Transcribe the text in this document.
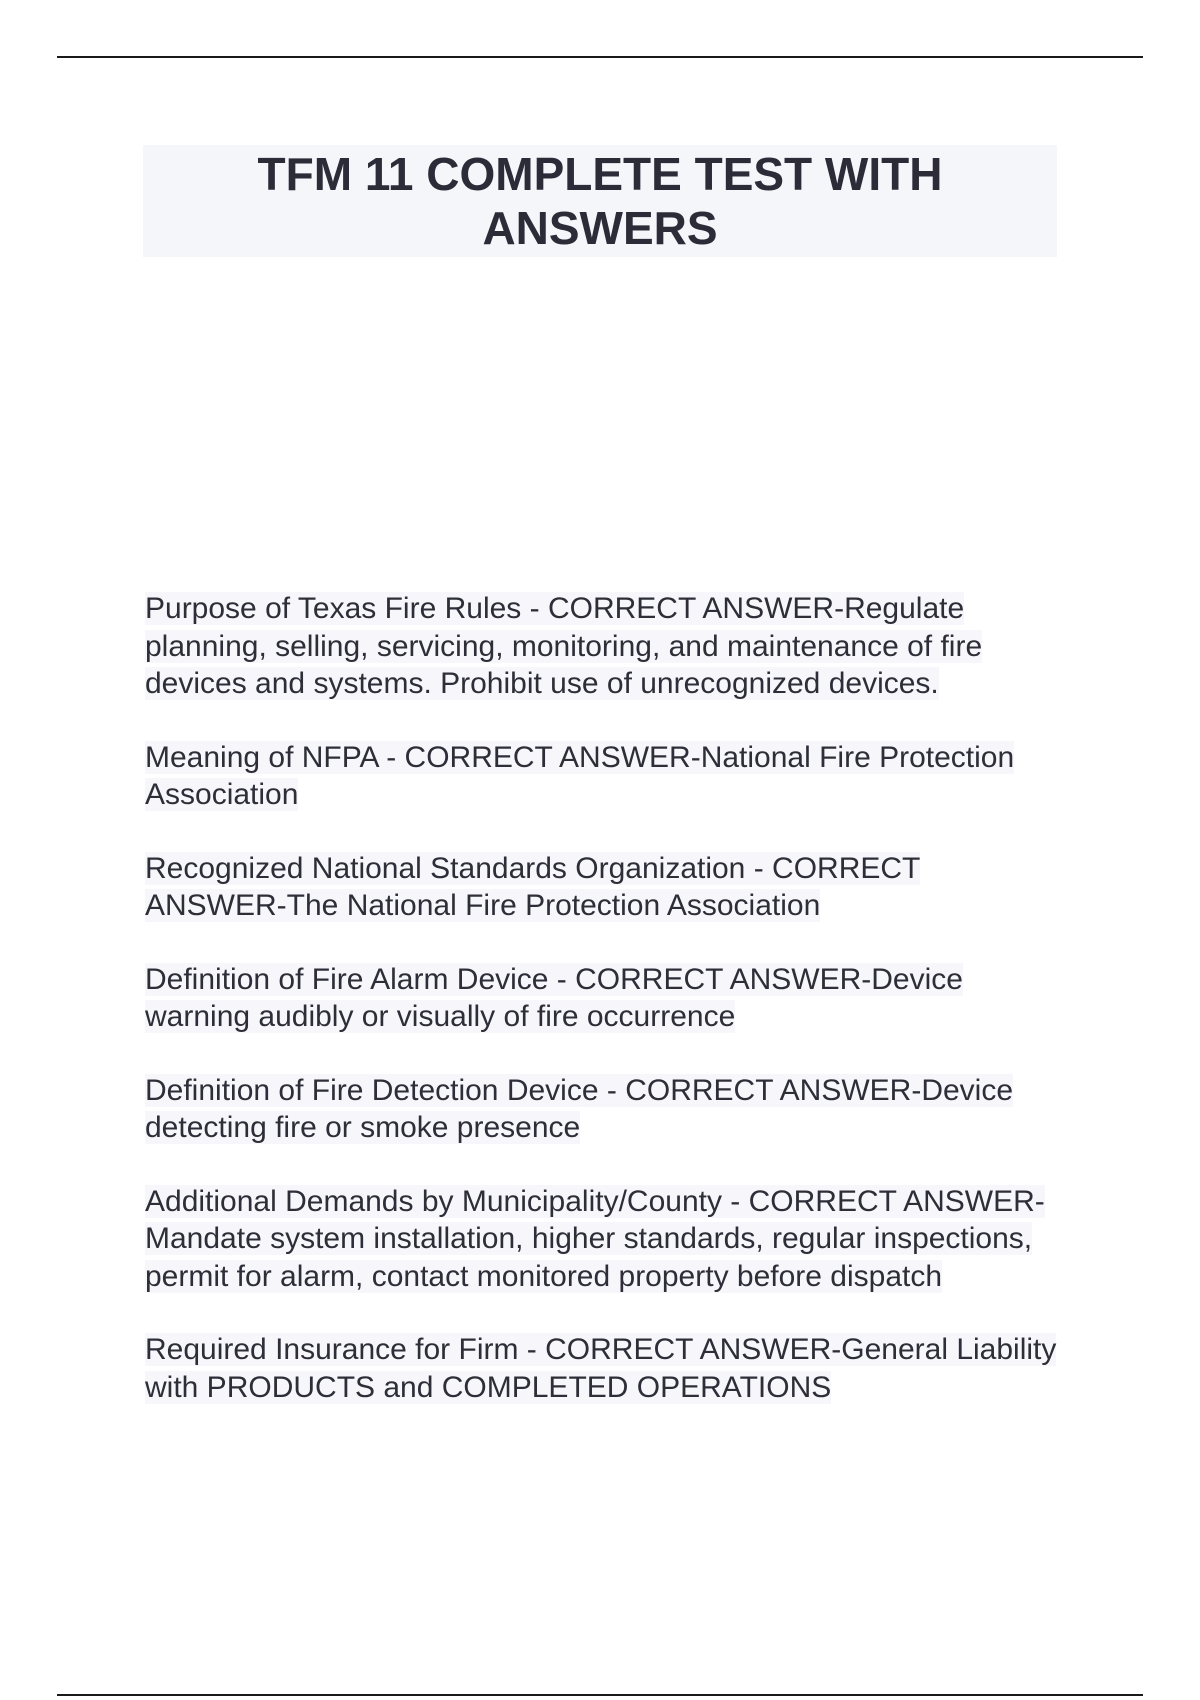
TFM 11 COMPLETE TEST WITH ANSWERS

Purpose of Texas Fire Rules - CORRECT ANSWER-Regulate planning, selling, servicing, monitoring, and maintenance of fire devices and systems. Prohibit use of unrecognized devices.

Meaning of NFPA - CORRECT ANSWER-National Fire Protection Association

Recognized National Standards Organization - CORRECT ANSWER-The National Fire Protection Association

Definition of Fire Alarm Device - CORRECT ANSWER-Device warning audibly or visually of fire occurrence

Definition of Fire Detection Device - CORRECT ANSWER-Device detecting fire or smoke presence

Additional Demands by Municipality/County - CORRECT ANSWER-Mandate system installation, higher standards, regular inspections, permit for alarm, contact monitored property before dispatch

Required Insurance for Firm - CORRECT ANSWER-General Liability with PRODUCTS and COMPLETED OPERATIONS
